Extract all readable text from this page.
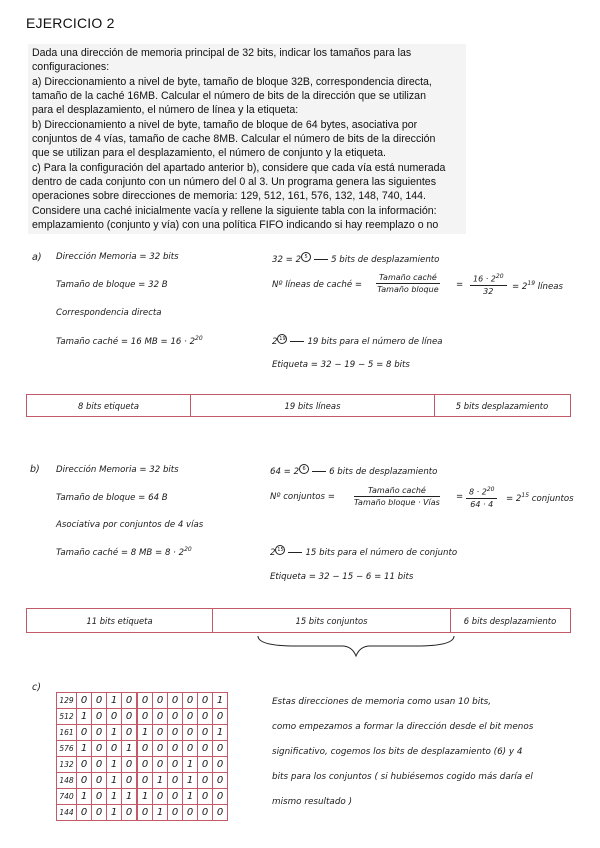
EJERCICIO 2
Dada una dirección de memoria principal de 32 bits, indicar los tamaños para las
configuraciones:
a) Direccionamiento a nivel de byte, tamaño de bloque 32B, correspondencia directa,
tamaño de la caché 16MB. Calcular el número de bits de la dirección que se utilizan
para el desplazamiento, el número de línea y la etiqueta:
b) Direccionamiento a nivel de byte, tamaño de bloque de 64 bytes, asociativa por
conjuntos de 4 vías, tamaño de cache 8MB. Calcular el número de bits de la dirección
que se utilizan para el desplazamiento, el número de conjunto y la etiqueta.
c) Para la configuración del apartado anterior b), considere que cada vía está numerada
dentro de cada conjunto con un número del 0 al 3. Un programa genera las siguientes
operaciones sobre direcciones de memoria: 129, 512, 161, 576, 132, 148, 740, 144.
Considere una caché inicialmente vacía y rellene la siguiente tabla con la información:
emplazamiento (conjunto y vía) con una política FIFO indicando si hay reemplazo o no
a) Dirección Memoria = 32 bits
Tamaño de bloque = 32 B
Correspondencia directa
Tamaño caché = 16 MB = $16 \cdot 2^{20}$
32 = 2 $^5$	5 bits de desplazamiento
Nº líneas de caché =
Tamaño caché
Tamaño bloque = $\frac{16 \cdot 2^{20}}{32} = 2^{19}$ líneas
2 $^{19}$	19 bits para el número de línea
Etiqueta = 32 − 19 − 5 = 8 bits
8 bits etiqueta	19 bits líneas	5 bits desplazamiento
b) Dirección Memoria = 32 bits
Tamaño de bloque = 64 B
Asociativa por conjuntos de 4 vías
Tamaño caché = 8 MB = $8 \cdot 2^{20}$
64 = 2 $^6$	6 bits de desplazamiento
Nº conjuntos =
Tamaño caché
Tamaño bloque · Vías
= $\frac{8 \cdot 2^{20}}{64 \cdot 4} = 2^{15}$ conjuntos
2 $^{15}$	15 bits para el número de conjunto
Etiqueta = 32 − 15 − 6 = 11 bits
11 bits etiqueta	15 bits conjuntos	6 bits desplazamiento
c)
129	0	0	1	0	0	0	0	0	0	1
512	1	0	0	0	0	0	0	0	0	0
161	0	0	1	0	1	0	0	0	0	1
576	1	0	0	1	0	0	0	0	0	0
132	0	0	1	0	0	0	0	1	0	0
148	0	0	1	0	0	1	0	1	0	0
740	1	0	1	1	1	0	0	1	0	0
144	0	0	1	0	0	1	0	0	0	0
Estas direcciones de memoria como usan 10 bits,
como empezamos a formar la dirección desde el bit menos
significativo, cogemos los bits de desplazamiento (6) y 4
bits para los conjuntos ( si hubiésemos cogido más daría el
mismo resultado )
